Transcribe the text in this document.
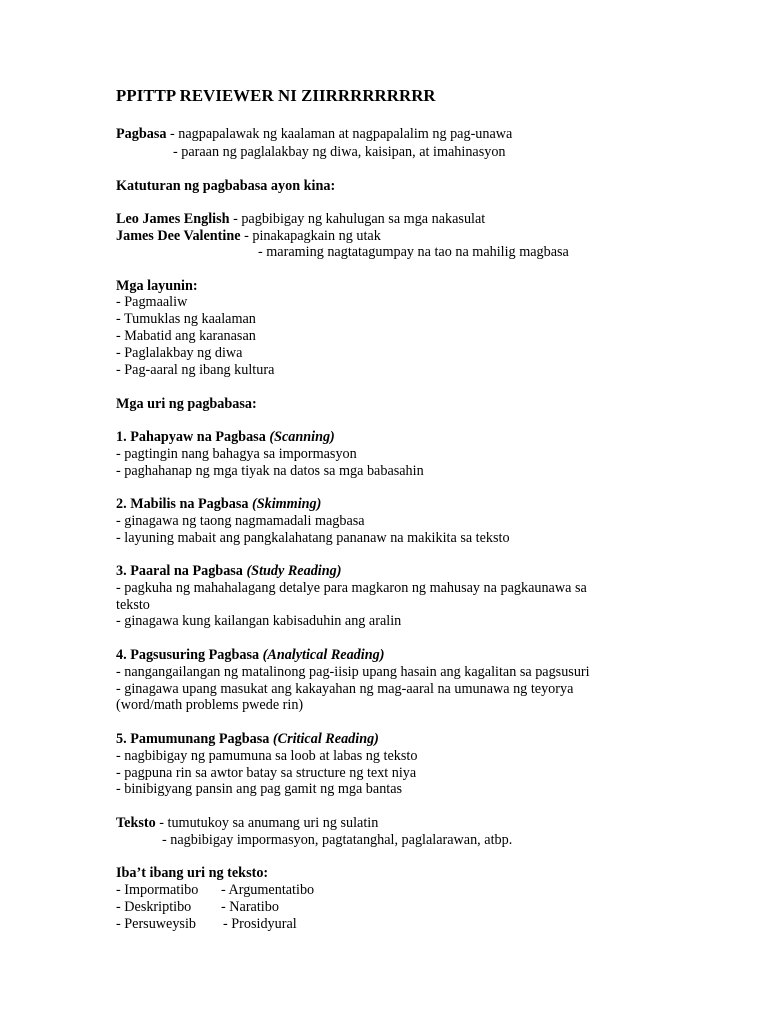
PPITTP REVIEWER NI ZIIRRRRRRRRR
Pagbasa - nagpapalawak ng kaalaman at nagpapalalim ng pag-unawa
- paraan ng paglalakbay ng diwa, kaisipan, at imahinasyon
Katuturan ng pagbabasa ayon kina:
Leo James English - pagbibigay ng kahulugan sa mga nakasulat
James Dee Valentine - pinakapagkain ng utak
- maraming nagtatagumpay na tao na mahilig magbasa
Mga layunin:
- Pagmaaliw
- Tumuklas ng kaalaman
- Mabatid ang karanasan
- Paglalakbay ng diwa
- Pag-aaral ng ibang kultura
Mga uri ng pagbabasa:
1. Pahapyaw na Pagbasa (Scanning)
- pagtingin nang bahagya sa impormasyon
- paghahanap ng mga tiyak na datos sa mga babasahin
2. Mabilis na Pagbasa (Skimming)
- ginagawa ng taong nagmamadali magbasa
- layuning mabait ang pangkalahatang pananaw na makikita sa teksto
3. Paaral na Pagbasa (Study Reading)
- pagkuha ng mahahalagang detalye para magkaron ng mahusay na pagkaunawa sa
teksto
- ginagawa kung kailangan kabisaduhin ang aralin
4. Pagsusuring Pagbasa (Analytical Reading)
- nangangailangan ng matalinong pag-iisip upang hasain ang kagalitan sa pagsusuri
- ginagawa upang masukat ang kakayahan ng mag-aaral na umunawa ng teyorya
(word/math problems pwede rin)
5. Pamumunang Pagbasa (Critical Reading)
- nagbibigay ng pamumuna sa loob at labas ng teksto
- pagpuna rin sa awtor batay sa structure ng text niya
- binibigyang pansin ang pag gamit ng mga bantas
Teksto - tumutukoy sa anumang uri ng sulatin
- nagbibigay impormasyon, pagtatanghal, paglalarawan, atbp.
Iba’t ibang uri ng teksto:
- Impormatibo - Argumentatibo
- Deskriptibo - Naratibo
- Persuweysib - Prosidyural
